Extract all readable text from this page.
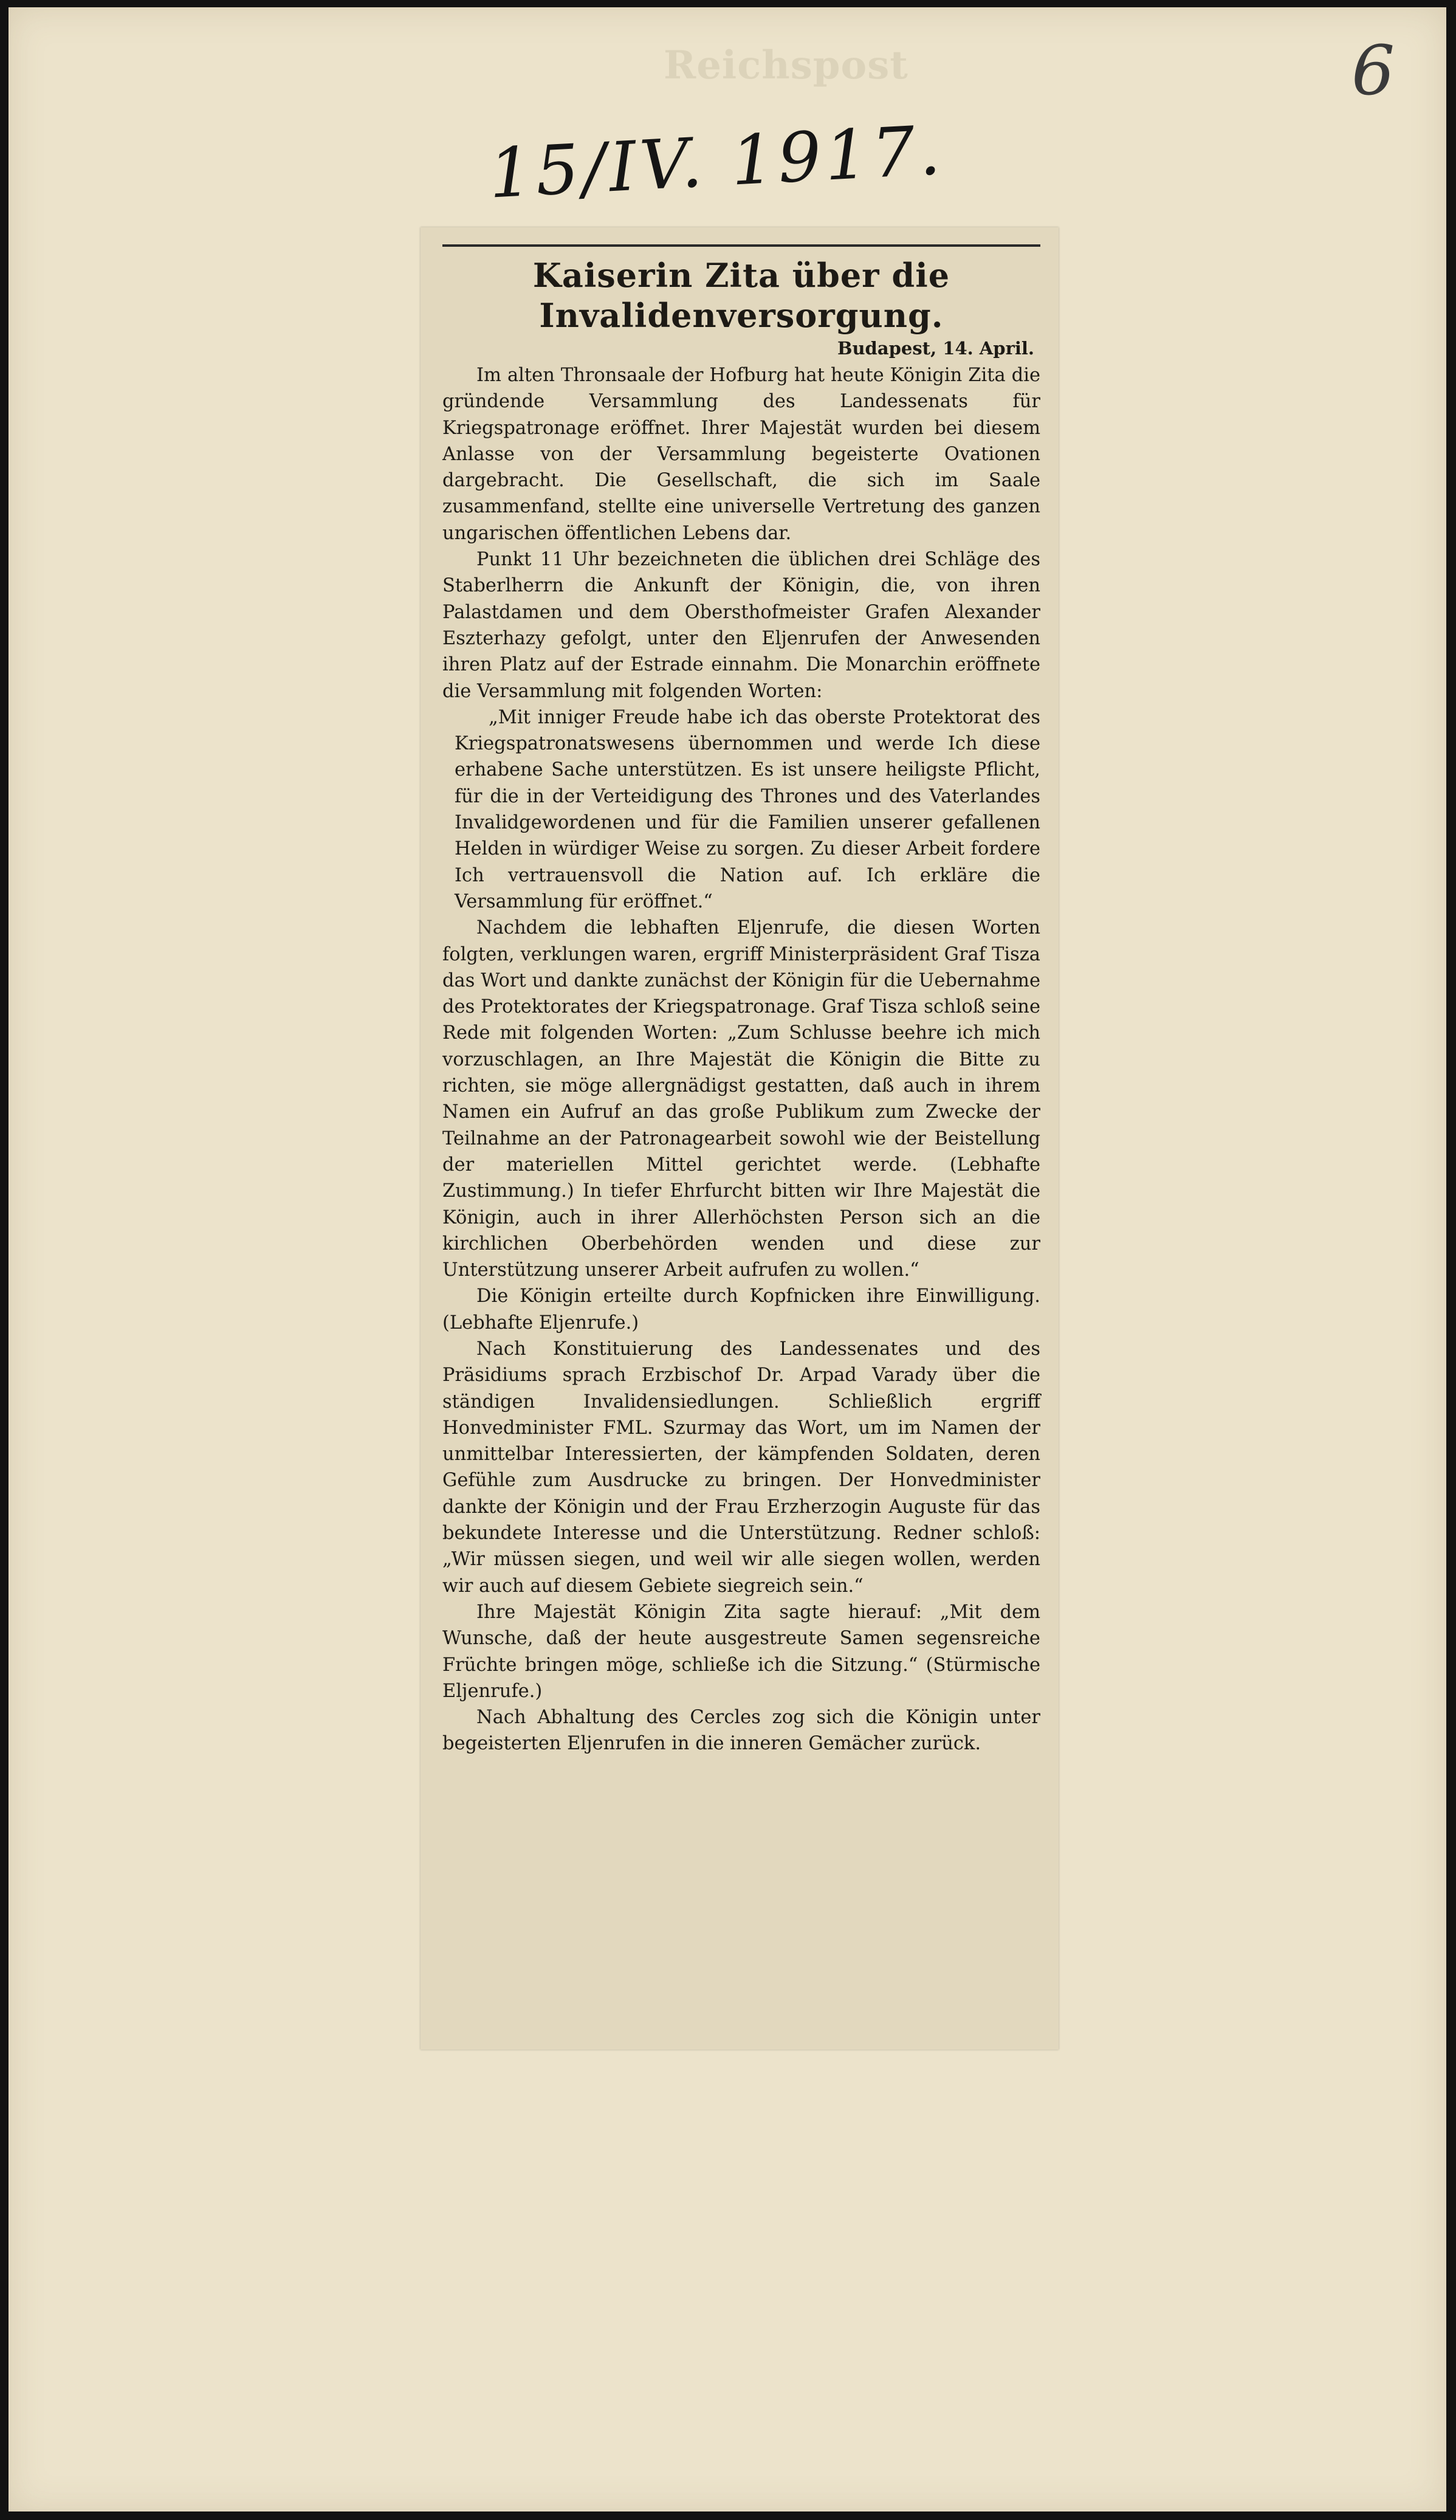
Reichspost	6
15/IV. 1917.
Kaiserin Zita über die Invalidenversorgung.
Budapest, 14. April.

Im alten Thronsaale der Hofburg hat heute Königin Zita die gründende Versammlung des Landessenats für Kriegspatronage eröffnet. Ihrer Majestät wurden bei diesem Anlasse von der Versammlung begeisterte Ovationen dargebracht. Die Gesellschaft, die sich im Saale zusammenfand, stellte eine universelle Vertretung des ganzen ungarischen öffentlichen Lebens dar.

Punkt 11 Uhr bezeichneten die üblichen drei Schläge des Staberlherrn die Ankunft der Königin, die, von ihren Palastdamen und dem Obersthofmeister Grafen Alexander Eszterhazy gefolgt, unter den Eljenrufen der Anwesenden ihren Platz auf der Estrade einnahm. Die Monarchin eröffnete die Versammlung mit folgenden Worten:

„Mit inniger Freude habe ich das oberste Protektorat des Kriegspatronatswesens übernommen und werde Ich diese erhabene Sache unterstützen. Es ist unsere heiligste Pflicht, für die in der Verteidigung des Thrones und des Vaterlandes Invalidgewordenen und für die Familien unserer gefallenen Helden in würdiger Weise zu sorgen. Zu dieser Arbeit fordere Ich vertrauensvoll die Nation auf. Ich erkläre die Versammlung für eröffnet.“

Nachdem die lebhaften Eljenrufe, die diesen Worten folgten, verklungen waren, ergriff Ministerpräsident Graf Tisza das Wort und dankte zunächst der Königin für die Uebernahme des Protektorates der Kriegspatronage. Graf Tisza schloß seine Rede mit folgenden Worten: „Zum Schlusse beehre ich mich vorzuschlagen, an Ihre Majestät die Königin die Bitte zu richten, sie möge allergnädigst gestatten, daß auch in ihrem Namen ein Aufruf an das große Publikum zum Zwecke der Teilnahme an der Patronagearbeit sowohl wie der Beistellung der materiellen Mittel gerichtet werde. (Lebhafte Zustimmung.) In tiefer Ehrfurcht bitten wir Ihre Majestät die Königin, auch in ihrer Allerhöchsten Person sich an die kirchlichen Oberbehörden wenden und diese zur Unterstützung unserer Arbeit aufrufen zu wollen.“

Die Königin erteilte durch Kopfnicken ihre Einwilligung. (Lebhafte Eljenrufe.)

Nach Konstituierung des Landessenates und des Präsidiums sprach Erzbischof Dr. Arpad Varady über die ständigen Invalidensiedlungen. Schließlich ergriff Honvedminister FML. Szurmay das Wort, um im Namen der unmittelbar Interessierten, der kämpfenden Soldaten, deren Gefühle zum Ausdrucke zu bringen. Der Honvedminister dankte der Königin und der Frau Erzherzogin Auguste für das bekundete Interesse und die Unterstützung. Redner schloß: „Wir müssen siegen, und weil wir alle siegen wollen, werden wir auch auf diesem Gebiete siegreich sein.“

Ihre Majestät Königin Zita sagte hierauf: „Mit dem Wunsche, daß der heute ausgestreute Samen segensreiche Früchte bringen möge, schließe ich die Sitzung.“ (Stürmische Eljenrufe.)

Nach Abhaltung des Cercles zog sich die Königin unter begeisterten Eljenrufen in die inneren Gemächer zurück.
